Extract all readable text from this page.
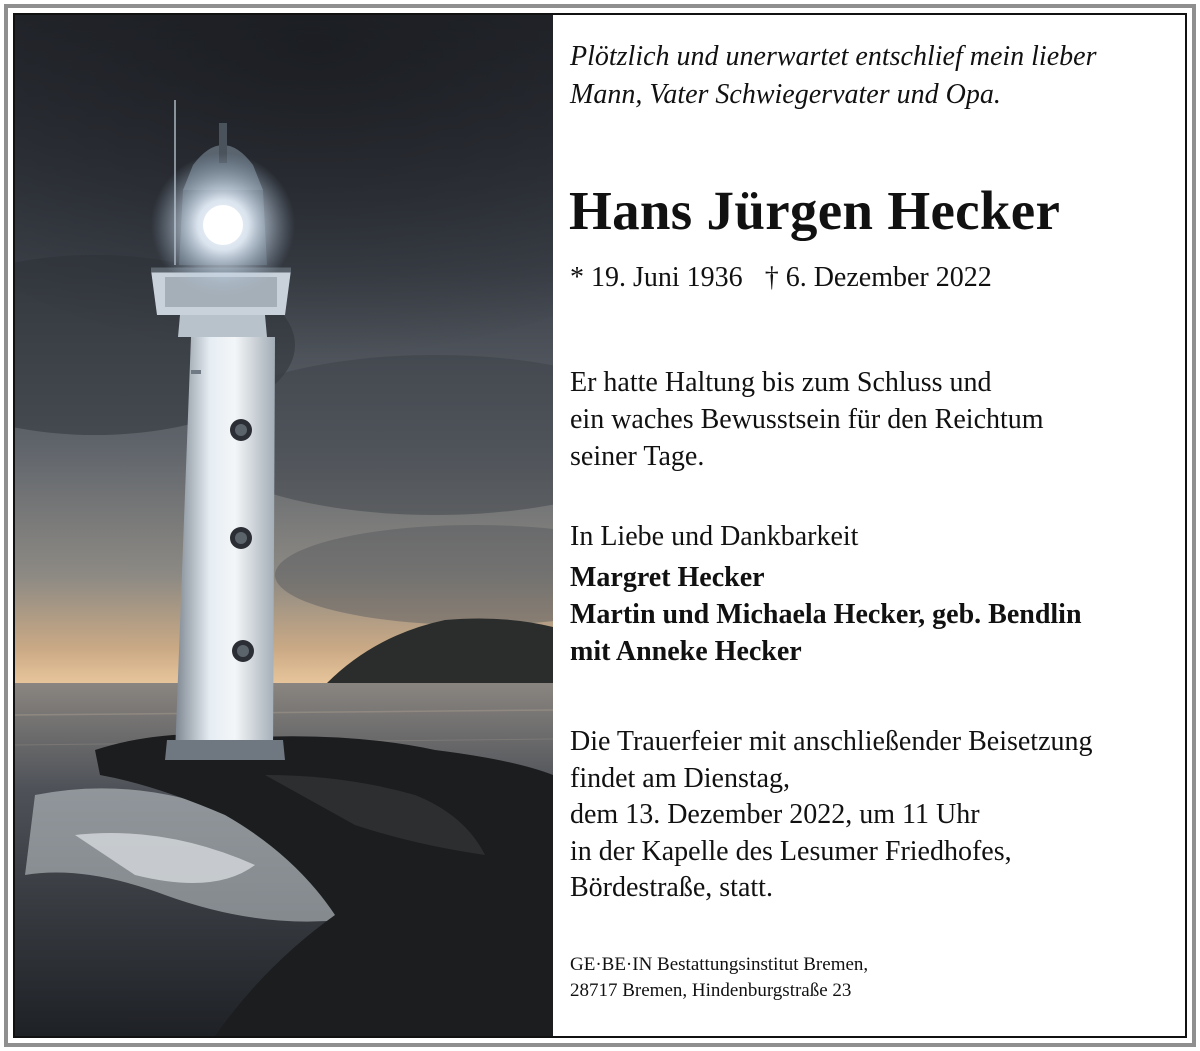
Plötzlich und unerwartet entschlief mein lieber
Mann, Vater Schwiegervater und Opa.

Hans Jürgen Hecker
* 19. Juni 1936 † 6. Dezember 2022
Er hatte Haltung bis zum Schluss und
ein waches Bewusstsein für den Reichtum
seiner Tage.
In Liebe und Dankbarkeit
Margret Hecker
Martin und Michaela Hecker, geb. Bendlin
mit Anneke Hecker
Die Trauerfeier mit anschließender Beisetzung
findet am Dienstag,
dem 13. Dezember 2022, um 11 Uhr
in der Kapelle des Lesumer Friedhofes,
Bördestraße, statt.
GE·BE·IN Bestattungsinstitut Bremen,
28717 Bremen, Hindenburgstraße 23
